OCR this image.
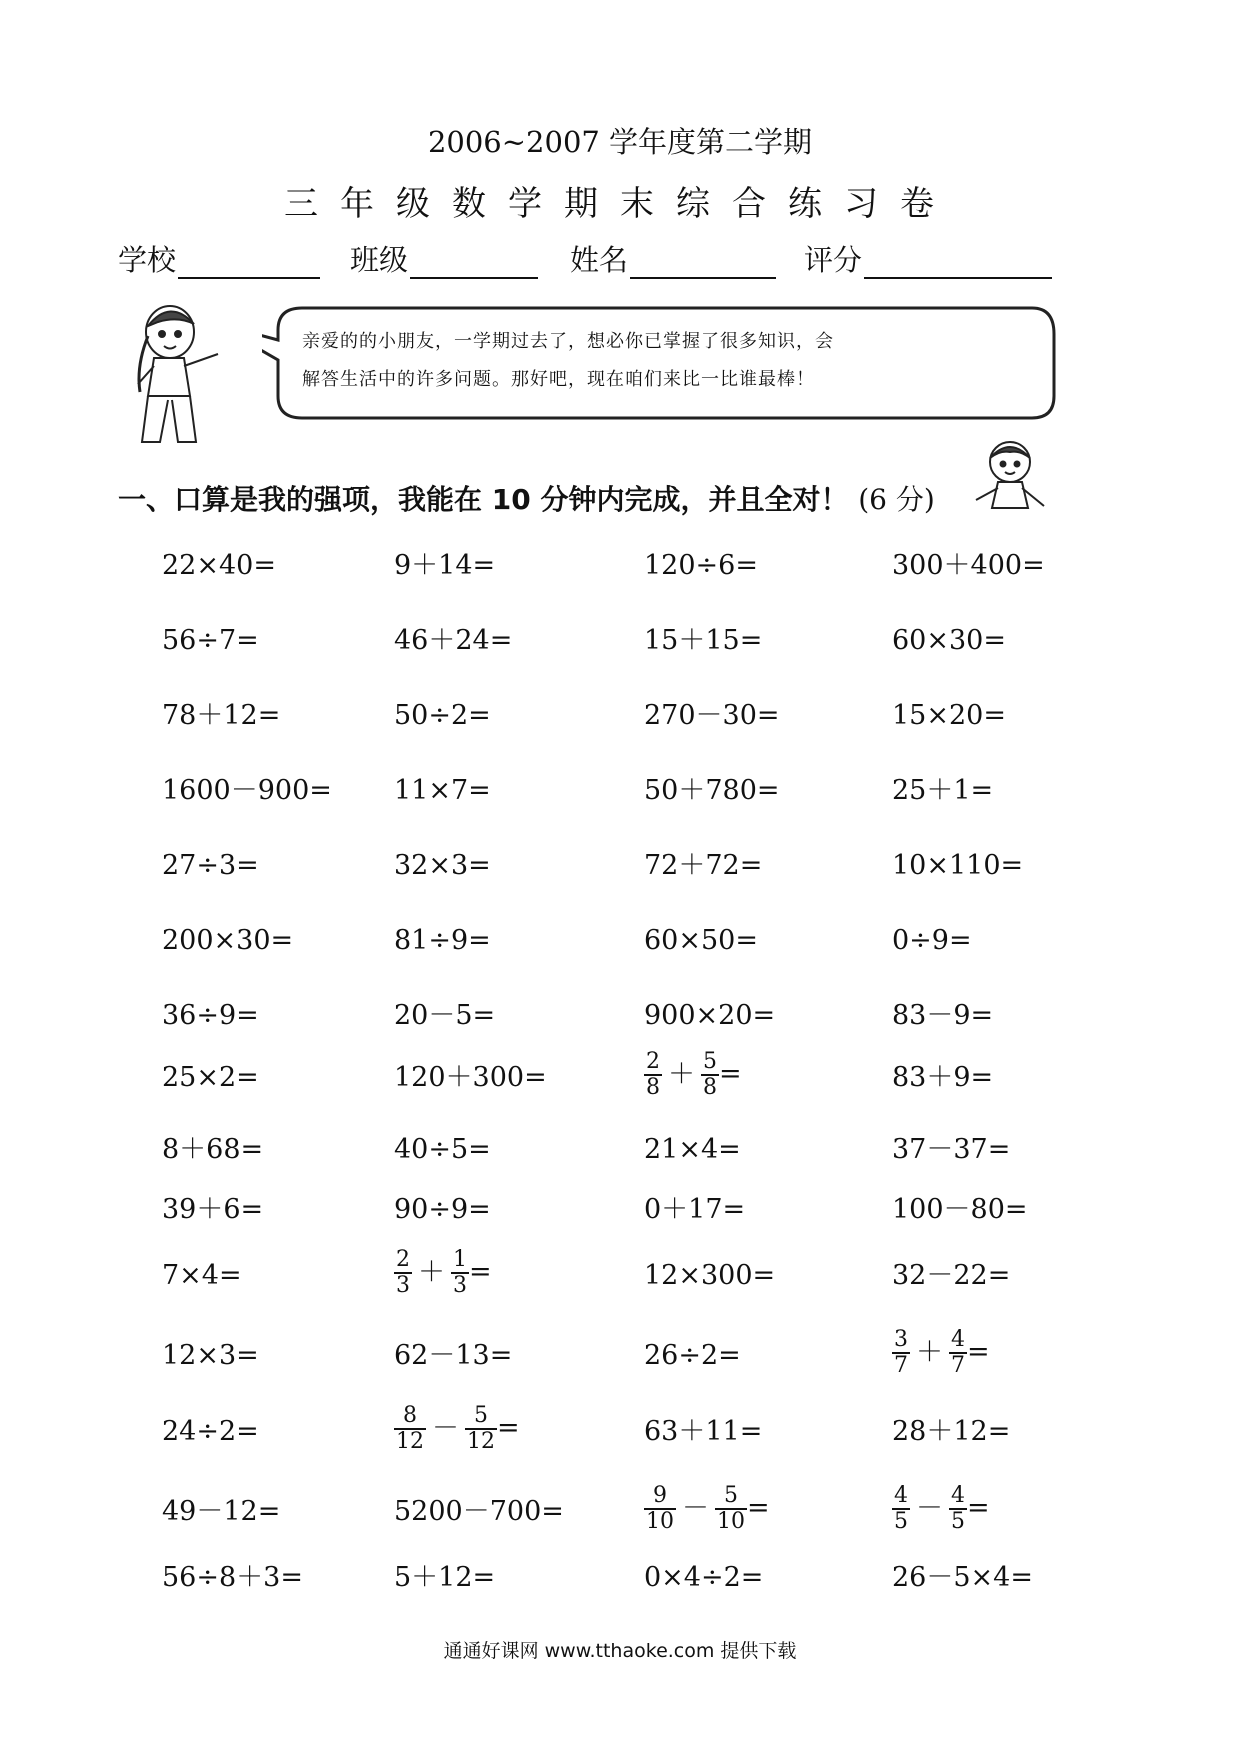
2006~2007 学年度第二学期
三年级数学期末综合练习卷
学校	班级	姓名	评分
亲爱的的小朋友，一学期过去了，想必你已掌握了很多知识，会
解答生活中的许多问题。那好吧，现在咱们来比一比谁最棒！
一、口算是我的强项，我能在 10 分钟内完成，并且全对！ (6 分)
22×40=	9＋14=	120÷6=	300＋400=
56÷7=	46＋24=	15＋15=	60×30=
78＋12=	50÷2=	270－30=	15×20=
1600－900= 11×7=	50＋780=	25＋1=
27÷3=	32×3=	72＋72=	10×110=
200×30=	81÷9=	60×50=	0÷9=
36÷9=	20－5=	900×20=	83－9=
25×2=	120＋300=	$\frac{2}{8} + \frac{5}{8}$ =	83＋9=
8＋68=	40÷5=	21×4=	37－37=
39＋6=	90÷9=	0＋17=	100－80=
7×4=	$\frac{2}{3} + \frac{1}{3}$ =	12×300=	32－22=
12×3=	62－13=	26÷2=	$\frac{3}{7} + \frac{4}{7}$ =
24÷2=	$\frac{8}{12} - \frac{5}{12}$ =	63＋11=	28＋12=
49－12=	5200－700=	$\frac{9}{10} - \frac{5}{10}$ =	$\frac{4}{5} - \frac{4}{5}$ =
56÷8＋3=	5＋12=	0×4÷2=	26－5×4=
通通好课网 www.tthaoke.com 提供下载
